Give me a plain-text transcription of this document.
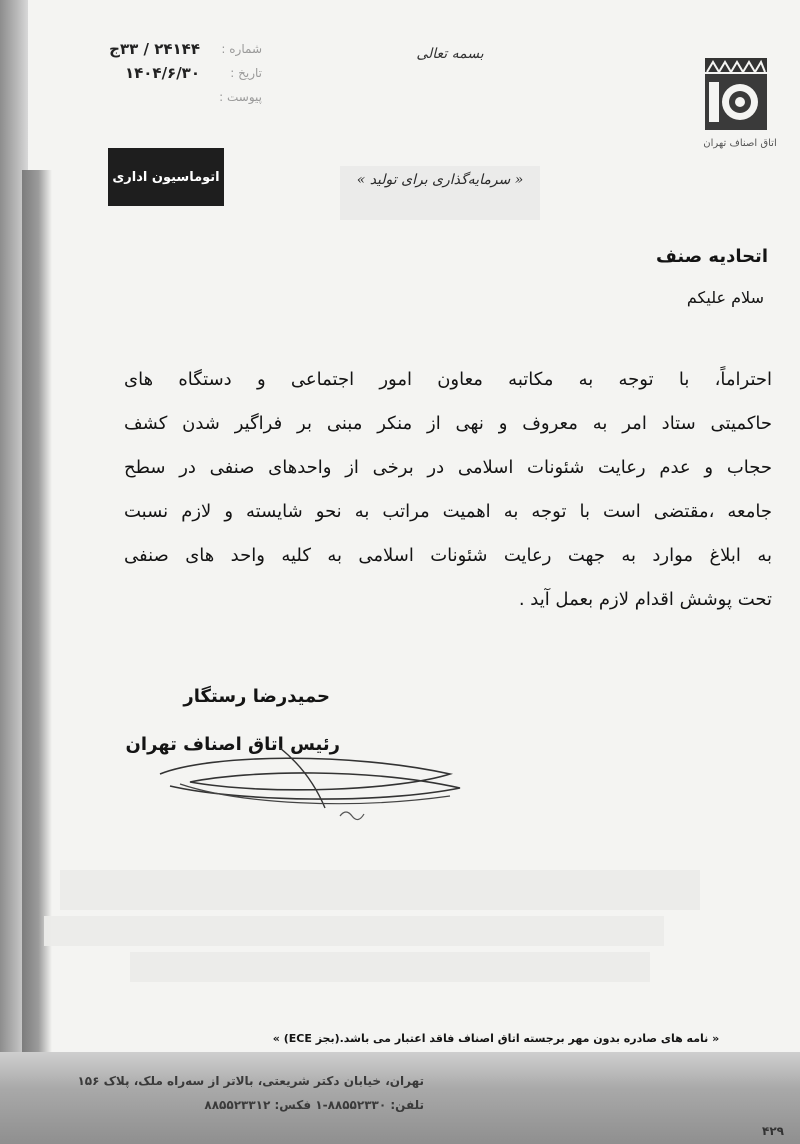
شماره :
۲۴۱۴۴ / ۳۳ج
تاریخ :
۱۴۰۴/۶/۳۰
پیوست :
بسمه تعالی
اتاق اصناف تهران
اتوماسیون اداری	« سرمایه‌گذاری برای تولید »
اتحادیه صنف
سلام علیکم
احتراماً، با توجه به مکاتبه معاون امور اجتماعی و دستگاه های
حاکمیتی ستاد امر به معروف و نهی از منکر مبنی بر فراگیر شدن کشف
حجاب و عدم رعایت شئونات اسلامی در برخی از واحدهای صنفی در سطح
جامعه ،مقتضی است با توجه به اهمیت مراتب به نحو شایسته و لازم نسبت
به ابلاغ موارد به جهت رعایت شئونات اسلامی به کلیه واحد های صنفی
تحت پوشش اقدام لازم بعمل آید .
حمیدرضا رستگار
رئیس اتاق اصناف تهران
« نامه های صادره بدون مهر برجسته اتاق اصناف فاقد اعتبار می باشد.(بجز ECE) »
تهران، خیابان دکتر شریعتی، بالاتر از سه‌راه ملک، پلاک ۱۵۶
تلفن: ۸۸۵۵۲۳۳۰-۱ فکس: ۸۸۵۵۲۳۳۱۲
۴۲۹
